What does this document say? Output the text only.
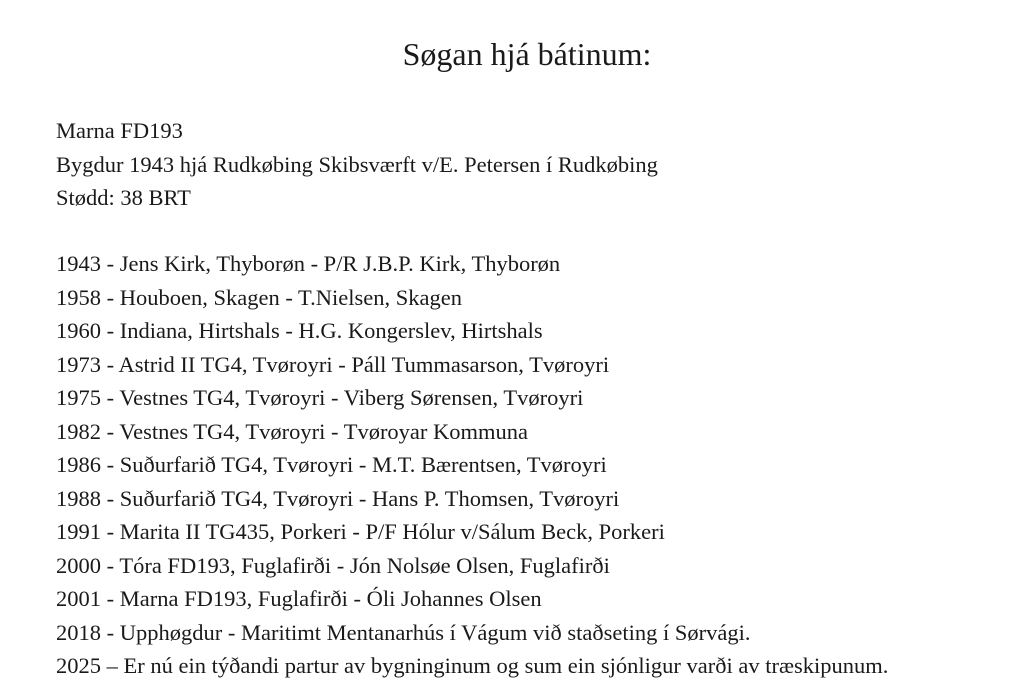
Søgan hjá bátinum:
Marna FD193
Bygdur 1943 hjá Rudkøbing Skibsværft v/E. Petersen í Rudkøbing
Stødd: 38 BRT
1943 - Jens Kirk, Thyborøn - P/R J.B.P. Kirk, Thyborøn
1958 - Houboen, Skagen - T.Nielsen, Skagen
1960 - Indiana, Hirtshals - H.G. Kongerslev, Hirtshals
1973 - Astrid II TG4, Tvøroyri - Páll Tummasarson, Tvøroyri
1975 - Vestnes TG4, Tvøroyri - Viberg Sørensen, Tvøroyri
1982 - Vestnes TG4, Tvøroyri - Tvøroyar Kommuna
1986 - Suðurfarið TG4, Tvøroyri - M.T. Bærentsen, Tvøroyri
1988 - Suðurfarið TG4, Tvøroyri - Hans P. Thomsen, Tvøroyri
1991 - Marita II TG435, Porkeri - P/F Hólur v/Sálum Beck, Porkeri
2000 - Tóra FD193, Fuglafirði - Jón Nolsøe Olsen, Fuglafirði
2001 - Marna FD193, Fuglafirði - Óli Johannes Olsen
2018 - Upphøgdur - Maritimt Mentanarhús í Vágum við staðseting í Sørvági.
2025 – Er nú ein týðandi partur av bygninginum og sum ein sjónligur varði av træskipunum.
